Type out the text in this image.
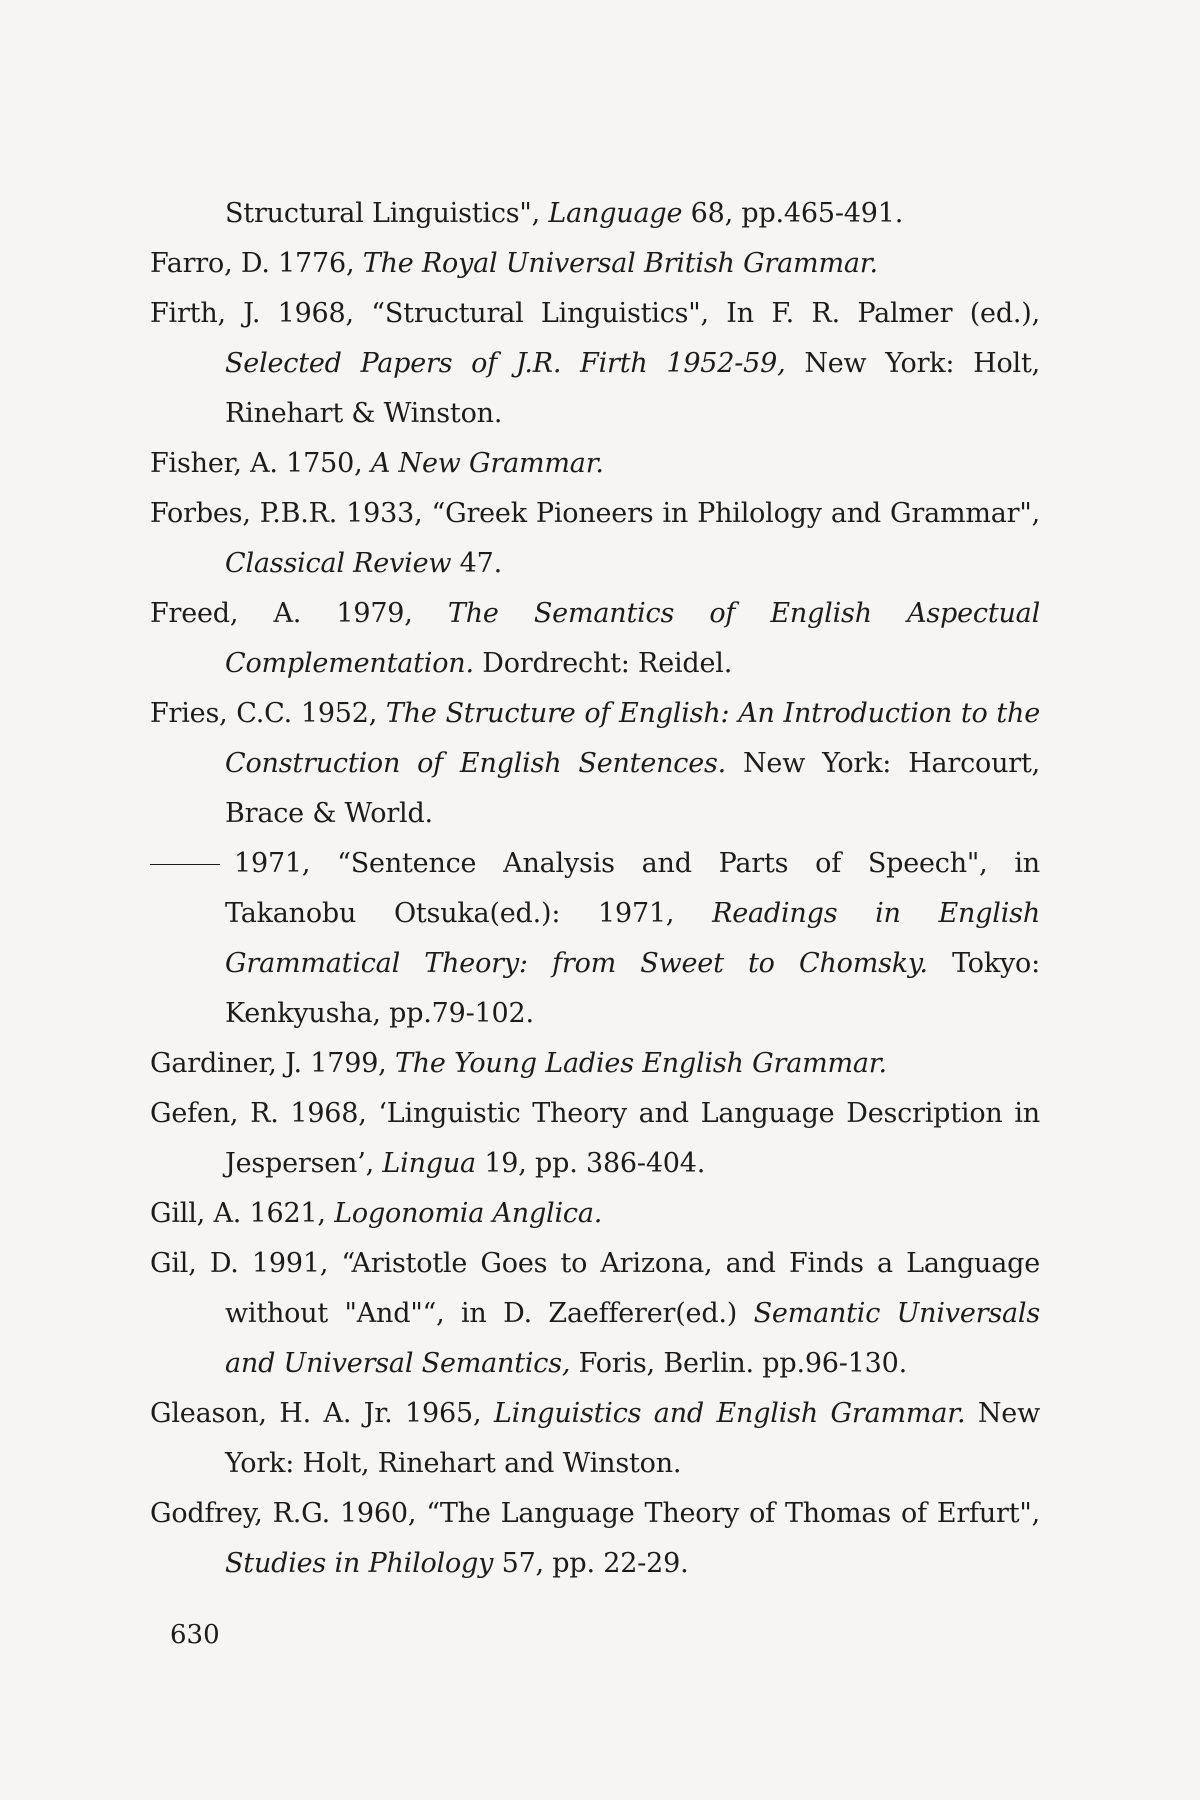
Structural Linguistics", Language 68, pp.465-491.

Farro, D. 1776, The Royal Universal British Grammar.

Firth, J. 1968, “Structural Linguistics", In F. R. Palmer (ed.), Selected Papers of J.R. Firth 1952-59, New York: Holt, Rinehart & Winston.

Fisher, A. 1750, A New Grammar.

Forbes, P.B.R. 1933, “Greek Pioneers in Philology and Grammar", Classical Review 47.

Freed, A. 1979, The Semantics of English Aspectual Complementation. Dordrecht: Reidel.

Fries, C.C. 1952, The Structure of English: An Introduction to the Construction of English Sentences. New York: Harcourt, Brace & World.

1971, “Sentence Analysis and Parts of Speech", in Takanobu Otsuka(ed.): 1971, Readings in English Grammatical Theory: from Sweet to Chomsky. Tokyo: Kenkyusha, pp.79-102.

Gardiner, J. 1799, The Young Ladies English Grammar.

Gefen, R. 1968, ‘Linguistic Theory and Language Description in Jespersen’, Lingua 19, pp. 386-404.

Gill, A. 1621, Logonomia Anglica.

Gil, D. 1991, “Aristotle Goes to Arizona, and Finds a Language without "And"“, in D. Zaefferer(ed.) Semantic Universals and Universal Semantics, Foris, Berlin. pp.96-130.

Gleason, H. A. Jr. 1965, Linguistics and English Grammar. New York: Holt, Rinehart and Winston.

Godfrey, R.G. 1960, “The Language Theory of Thomas of Erfurt", Studies in Philology 57, pp. 22-29.

630
